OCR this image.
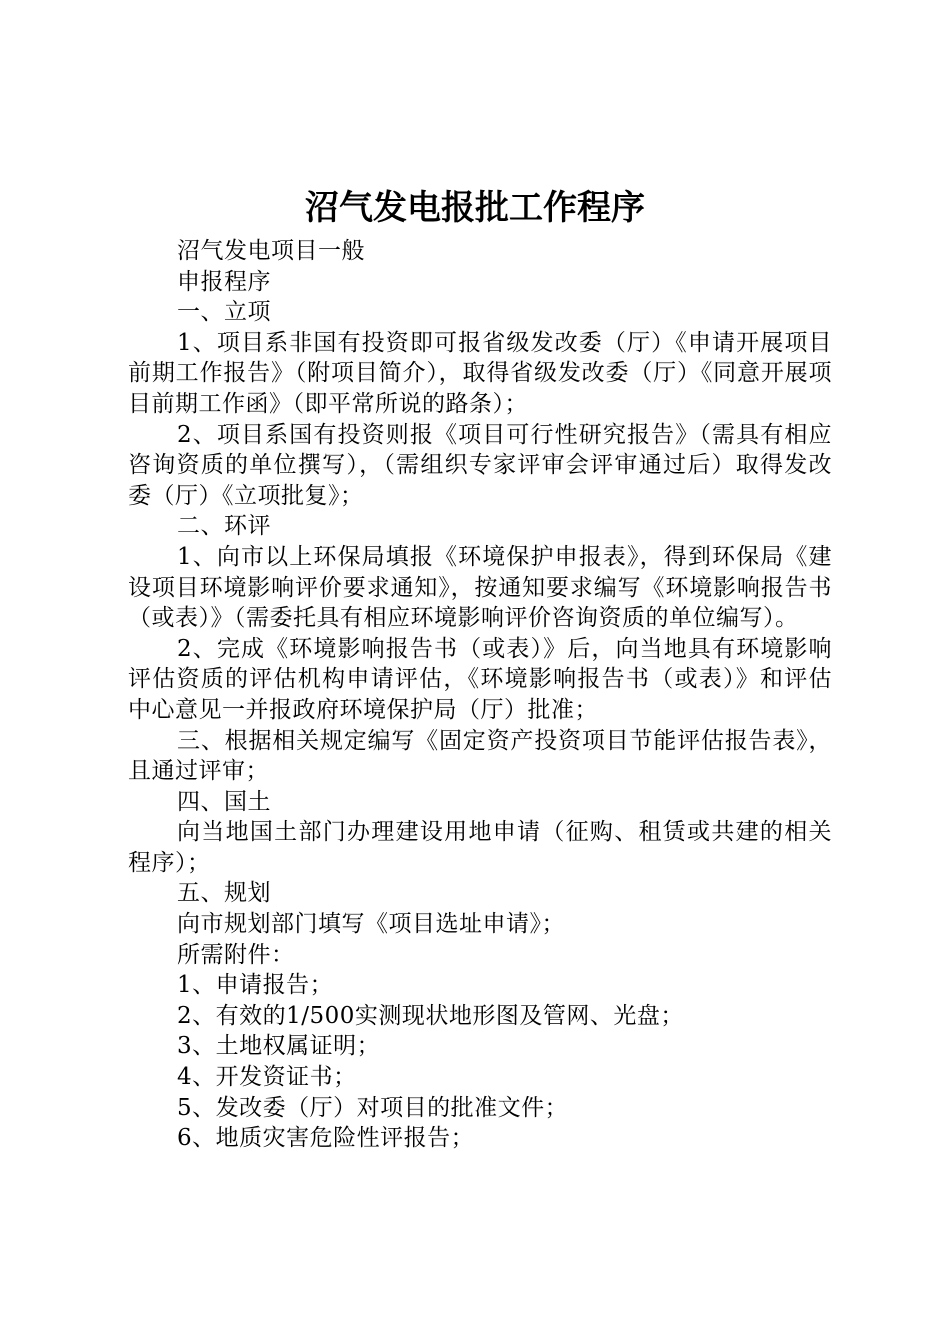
沼气发电报批工作程序

沼气发电项目一般

申报程序

一、立项

1、项目系非国有投资即可报省级发改委（厅）《申请开展项目前期工作报告》（附项目简介），取得省级发改委（厅）《同意开展项目前期工作函》（即平常所说的路条）；

2、项目系国有投资则报《项目可行性研究报告》（需具有相应咨询资质的单位撰写），（需组织专家评审会评审通过后）取得发改委（厅）《立项批复》；

二、环评

1、向市以上环保局填报《环境保护申报表》，得到环保局《建设项目环境影响评价要求通知》，按通知要求编写《环境影响报告书（或表）》（需委托具有相应环境影响评价咨询资质的单位编写）。

2、完成《环境影响报告书（或表）》后，向当地具有环境影响评估资质的评估机构申请评估，《环境影响报告书（或表）》和评估中心意见一并报政府环境保护局（厅）批准；

三、根据相关规定编写《固定资产投资项目节能评估报告表》，且通过评审；

四、国土

向当地国土部门办理建设用地申请（征购、租赁或共建的相关程序）；

五、规划

向市规划部门填写《项目选址申请》；

所需附件：

1、申请报告；

2、有效的1/500实测现状地形图及管网、光盘；

3、土地权属证明；

4、开发资证书；

5、发改委（厅）对项目的批准文件；

6、地质灾害危险性评报告；
